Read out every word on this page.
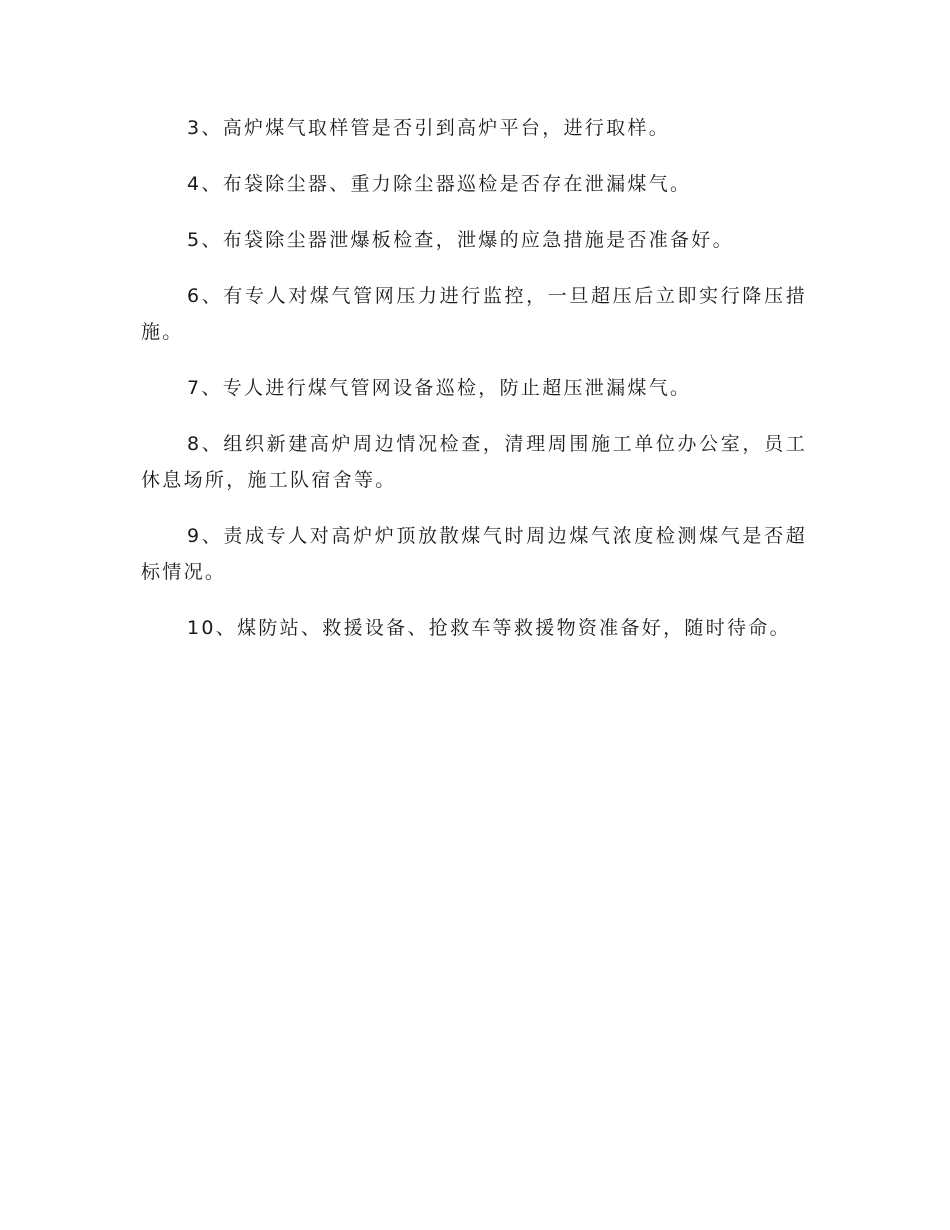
3、高炉煤气取样管是否引到高炉平台，进行取样。

4、布袋除尘器、重力除尘器巡检是否存在泄漏煤气。

5、布袋除尘器泄爆板检查，泄爆的应急措施是否准备好。

6、有专人对煤气管网压力进行监控，一旦超压后立即实行降压措施。

7、专人进行煤气管网设备巡检，防止超压泄漏煤气。

8、组织新建高炉周边情况检查，清理周围施工单位办公室，员工休息场所，施工队宿舍等。

9、责成专人对高炉炉顶放散煤气时周边煤气浓度检测煤气是否超标情况。

10、煤防站、救援设备、抢救车等救援物资准备好，随时待命。
